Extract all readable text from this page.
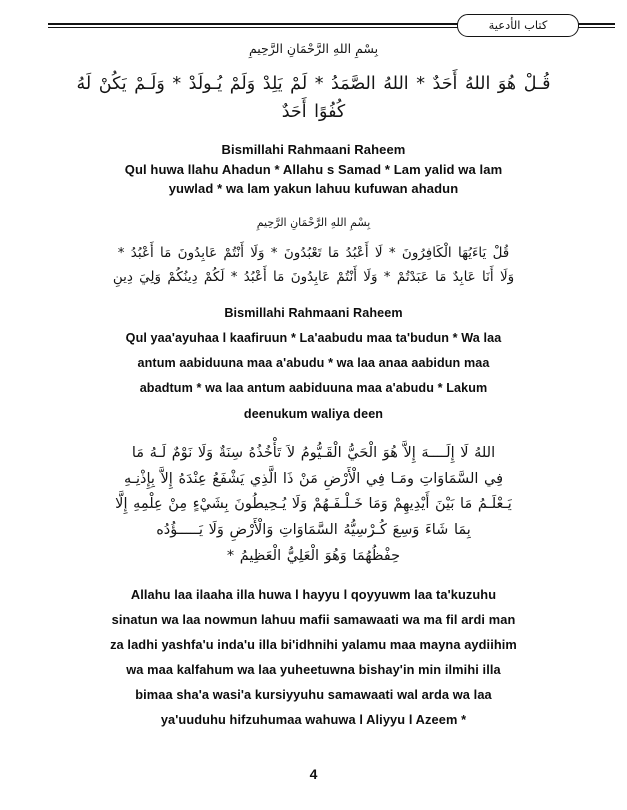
كتاب الأدعية

بِسْمِ اللهِ الرَّحْمَانِ الرَّحِيمِ

قُـلْ هُوَ اللهُ أَحَدٌ * اللهُ الصَّمَدُ * لَمْ يَلِدْ وَلَمْ يُـولَدْ * وَلَـمْ يَكُنْ لَهُ

كُفُوًا أَحَدٌ

Bismillahi Rahmaani Raheem

Qul huwa llahu Ahadun * Allahu s Samad * Lam yalid wa lam

yuwlad * wa lam yakun lahuu kufuwan ahadun

بِسْمِ اللهِ الرَّحْمَانِ الرَّحِيمِ

قُلْ يَاءَيُهَا الْكَافِرُونَ * لَا أَعْبُدُ مَا تَعْبُدُونَ * وَلَا أَنْتُمْ عَابِدُونَ مَا أَعْبُدُ *

وَلَا أَنَا عَابِدٌ مَا عَبَدْتُمْ * وَلَا أَنْتُمْ عَابِدُونَ مَا أَعْبُدُ * لَكُمْ دِينُكُمْ وَلِيَ دِينِ

Bismillahi Rahmaani Raheem

Qul yaa'ayuhaa l kaafiruun * La'aabudu maa ta'budun * Wa laa

antum aabiduuna maa a'abudu * wa laa anaa aabidun maa

abadtum * wa laa antum aabiduuna maa a'abudu * Lakum

deenukum waliya deen

اللهُ لَا إِلَــــهَ إِلاَّ هُوَ الْحَيُّ الْقَـيُّومُ لاَ تَأْخُذُهُ سِنَةٌ وَلَا نَوْمٌ لَـهُ مَا

فِي السَّمَاوَاتِ ومَـا فِي الْأَرْضِ مَنْ ذَا الَّذِي يَشْفَعُ عِنْدَهُ إِلاَّ بِإِذْنِـهِ

يَـعْلَـمُ مَا بَيْنَ أَيْدِيهِمْ وَمَا خَـلْـفَـهُمْ وَلَا يُـحِيطُونَ بِشَيْءٍ مِنْ عِلْمِهِ إِلَّا

بِمَا شَاءَ وَسِعَ كُـرْسِيُّهُ السَّمَاوَاتِ وَالْأَرْضِ وَلَا يَـــــؤُدُه

حِفْظُهُمَا وَهُوَ الْعَلِيُّ الْعَظِيمُ *

Allahu laa ilaaha illa huwa l hayyu l qoyyuwm laa ta'kuzuhu

sinatun wa laa nowmun lahuu mafii samawaati wa ma fil ardi man

za ladhi yashfa'u inda'u illa bi'idhnihi yalamu maa mayna aydiihim

wa maa kalfahum wa laa yuheetuwna bishay'in min ilmihi illa

bimaa sha'a wasi'a kursiyyuhu samawaati wal arda wa laa

ya'uuduhu hifzuhumaa wahuwa l Aliyyu l Azeem *

4
